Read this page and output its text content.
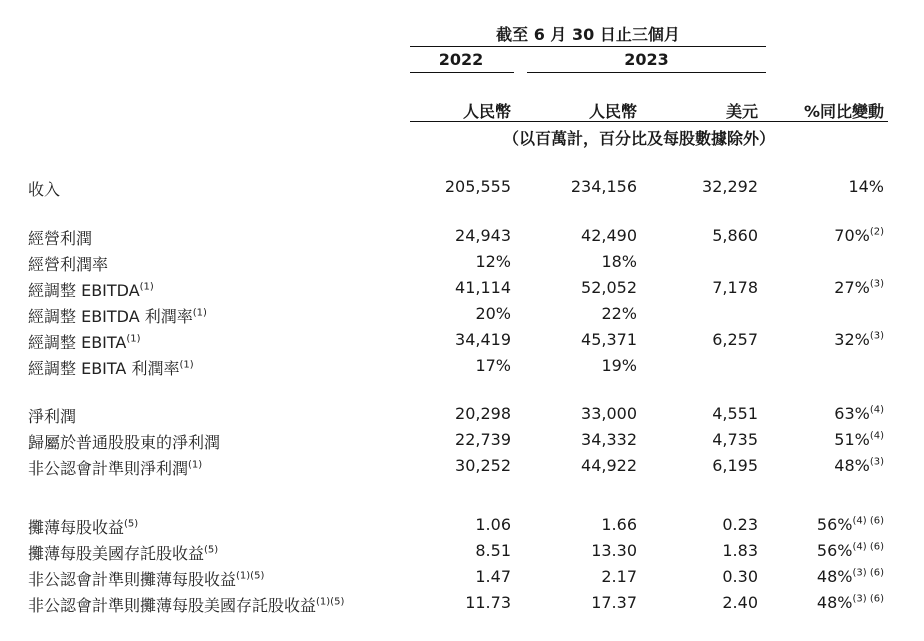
截至 6 月 30 日止三個月
2022	2023
人民幣	人民幣	美元	%同比變動
（以百萬計，百分比及每股數據除外）
收入	205,555	234,156	32,292	14%
經營利潤	24,943	42,490	5,860	70%$^{(2)}$
經營利潤率	12%	18%
經調整 EBITDA$^{(1)}$	41,114	52,052	7,178	27%$^{(3)}$
經調整 EBITDA 利潤率$^{(1)}$	20%	22%
經調整 EBITA$^{(1)}$	34,419	45,371	6,257	32%$^{(3)}$
經調整 EBITA 利潤率$^{(1)}$	17%	19%
淨利潤	20,298	33,000	4,551	63%$^{(4)}$
歸屬於普通股股東的淨利潤	22,739	34,332	4,735	51%$^{(4)}$
非公認會計準則淨利潤$^{(1)}$	30,252	44,922	6,195	48%$^{(3)}$
攤薄每股收益$^{(5)}$	1.06	1.66	0.23	56%$^{(4) (6)}$
攤薄每股美國存託股收益$^{(5)}$	8.51	13.30	1.83	56%$^{(4) (6)}$
非公認會計準則攤薄每股收益$^{(1)(5)}$	1.47	2.17	0.30	48%$^{(3) (6)}$
非公認會計準則攤薄每股美國存託股收益$^{(1)(5)}$	11.73	17.37	2.40	48%$^{(3) (6)}$
